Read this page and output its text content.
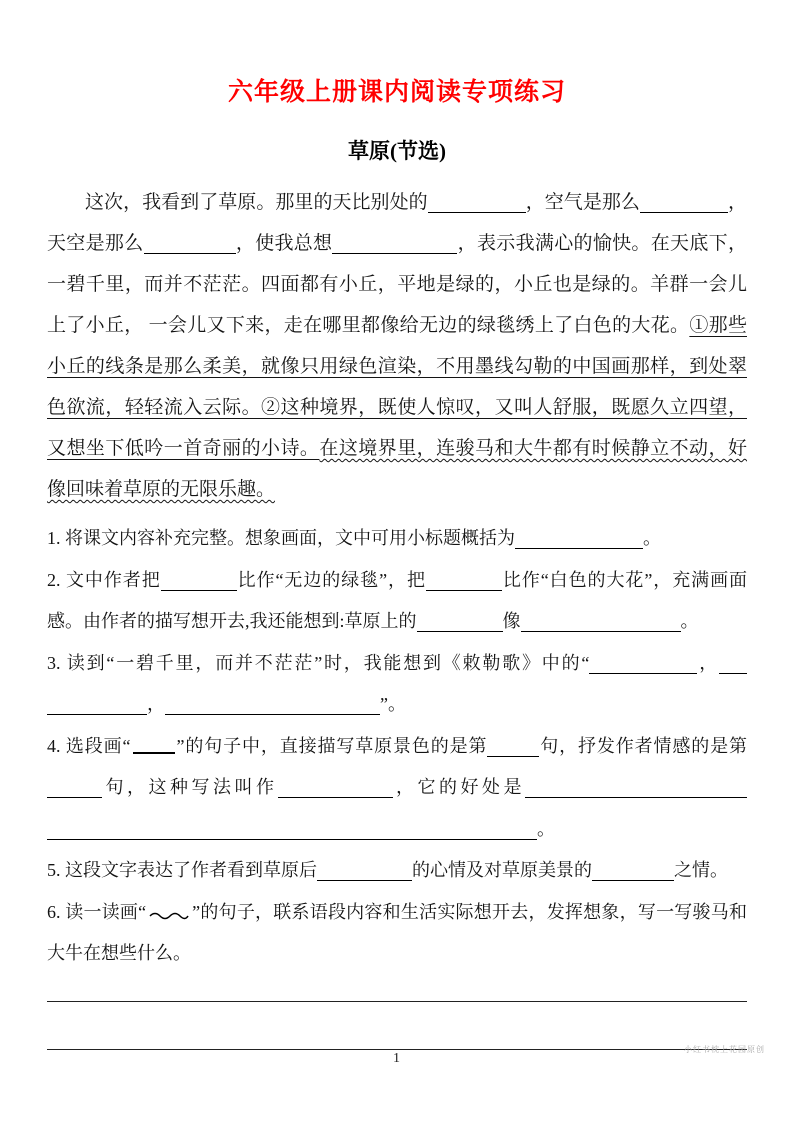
六年级上册课内阅读专项练习
草原(节选)
这次，我看到了草原。那里的天比别处的	，空气是那么	，天空是那么	，使我总想	，表示我满心的愉快。在天底下，一碧千里，而并不茫茫。四面都有小丘，平地是绿的，小丘也是绿的。羊群一会儿上了小丘， 一会儿又下来，走在哪里都像给无边的绿毯绣上了白色的大花。①那些小丘的线条是那么柔美，就像只用绿色渲染，不用墨线勾勒的中国画那样，到处翠色欲流，轻轻流入云际。②这种境界，既使人惊叹，又叫人舒服，既愿久立四望，又想坐下低吟一首奇丽的小诗。在这境界里，连骏马和大牛都有时候静立不动，好像回味着草原的无限乐趣。
1. 将课文内容补充完整。想象画面，文中可用小标题概括为	。
2. 文中作者把	比作“无边的绿毯”，把	比作“白色的大花”，充满画面感。由作者的描写想开去,我还能想到:草原上的	像	。
3. 读到“一碧千里，而并不茫茫”时，我能想到《敕勒歌》中的“	，，	”。
4. 选段画“	”的句子中，直接描写草原景色的是第	句，抒发作者情感的是第句，这种写法叫作	，它的好处是。
5. 这段文字表达了作者看到草原后	的心情及对草原美景的	之情。
6. 读一读画“	”的句子，联系语段内容和生活实际想开去，发挥想象，写一写骏马和大牛在想些什么。
小红书枕上花园原创
1
